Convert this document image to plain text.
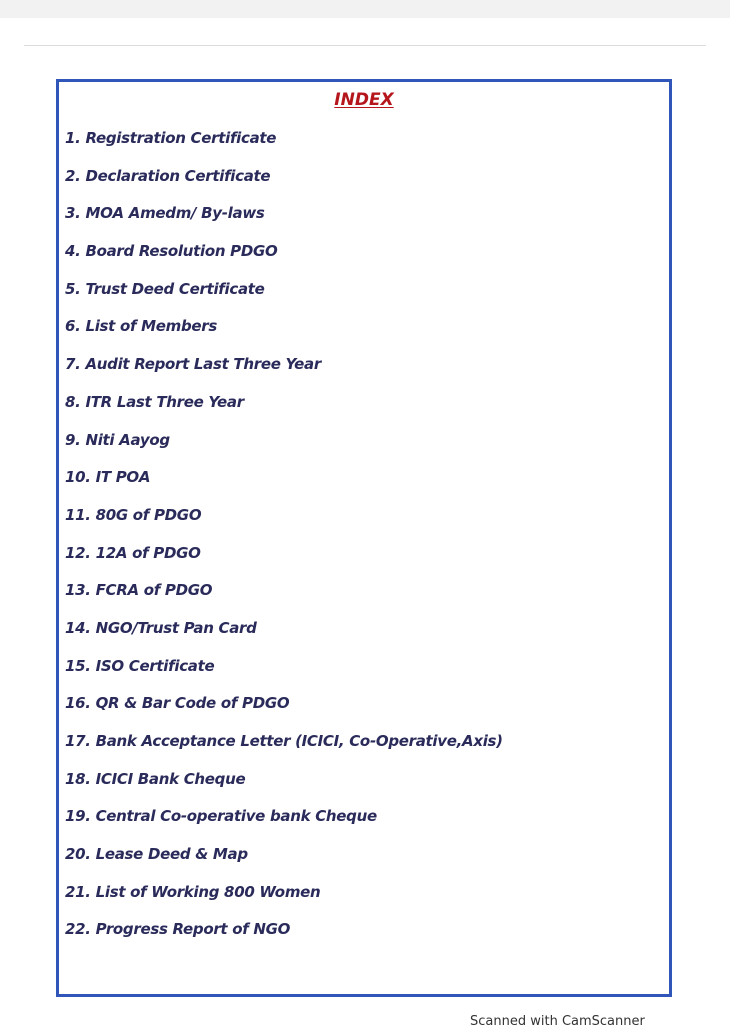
INDEX
1. Registration Certificate
2. Declaration Certificate
3. MOA Amedm/ By-laws
4. Board Resolution PDGO
5. Trust Deed Certificate
6. List of Members
7. Audit Report Last Three Year
8. ITR Last Three Year
9. Niti Aayog
10. IT POA
11. 80G of PDGO
12. 12A of PDGO
13. FCRA of PDGO
14. NGO/Trust Pan Card
15. ISO Certificate
16. QR & Bar Code of PDGO
17. Bank Acceptance Letter (ICICI, Co-Operative,Axis)
18. ICICI Bank Cheque
19. Central Co-operative bank Cheque
20. Lease Deed & Map
21. List of Working 800 Women
22. Progress Report of NGO
Scanned with CamScanner
